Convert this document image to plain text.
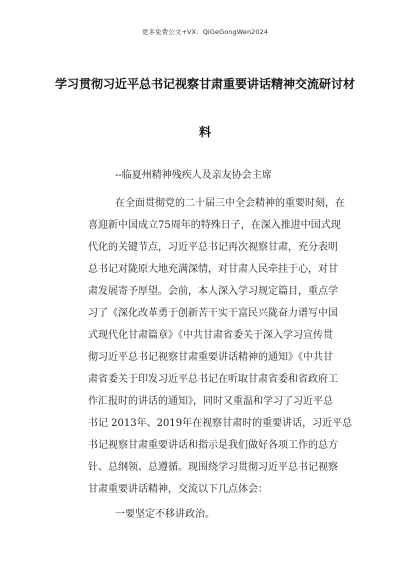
更多免费公文+VX：QiGeGongWen2024
学习贯彻习近平总书记视察甘肃重要讲话精神交流研讨材
料
--临夏州精神残疾人及亲友协会主席
在全面贯彻党的二十届三中全会精神的重要时刻，在
喜迎新中国成立75周年的特殊日子，在深入推进中国式现
代化的关键节点，习近平总书记再次视察甘肃，充分表明
总书记对陇原大地充满深情，对甘肃人民牵挂于心，对甘
肃发展寄予厚望。会前，本人深入学习规定篇目，重点学
习了《深化改革勇于创新苦干实干富民兴陇奋力谱写中国
式现代化甘肃篇章》《中共甘肃省委关于深入学习宣传贯
彻习近平总书记视察甘肃重要讲话精神的通知》《中共甘
肃省委关于印发习近平总书记在听取甘肃省委和省政府工
作汇报时的讲话的通知》，同时又重温和学习了习近平总
书记 2013年、2019年在视察甘肃时的重要讲话，习近平总
书记视察甘肃重要讲话和指示是我们做好各项工作的总方
针、总纲领、总遵循。现围绕学习贯彻习近平总书记视察
甘肃重要讲话精神，交流以下几点体会：
一要坚定不移讲政治。
